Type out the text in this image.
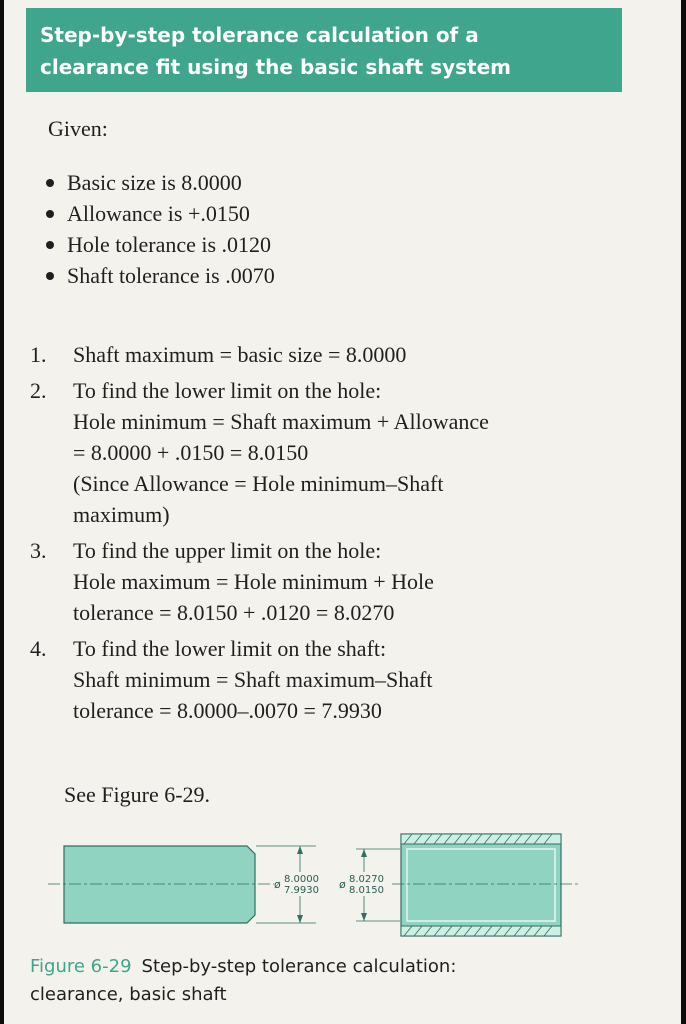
Step-by-step tolerance calculation of a
clearance fit using the basic shaft system
Given:
Basic size is 8.0000
Allowance is +.0150
Hole tolerance is .0120
Shaft tolerance is .0070
1. Shaft maximum = basic size = 8.0000
2. To find the lower limit on the hole:
Hole minimum = Shaft maximum + Allowance
= 8.0000 + .0150 = 8.0150
(Since Allowance = Hole minimum–Shaft
maximum)
3. To find the upper limit on the hole:
Hole maximum = Hole minimum + Hole
tolerance = 8.0150 + .0120 = 8.0270
4. To find the lower limit on the shaft:
Shaft minimum = Shaft maximum–Shaft
tolerance = 8.0000–.0070 = 7.9930
See Figure 6-29.
ø 8.0000
7.9930 ø 8.0270
8.0150
Figure 6-29 Step-by-step tolerance calculation:
clearance, basic shaft
